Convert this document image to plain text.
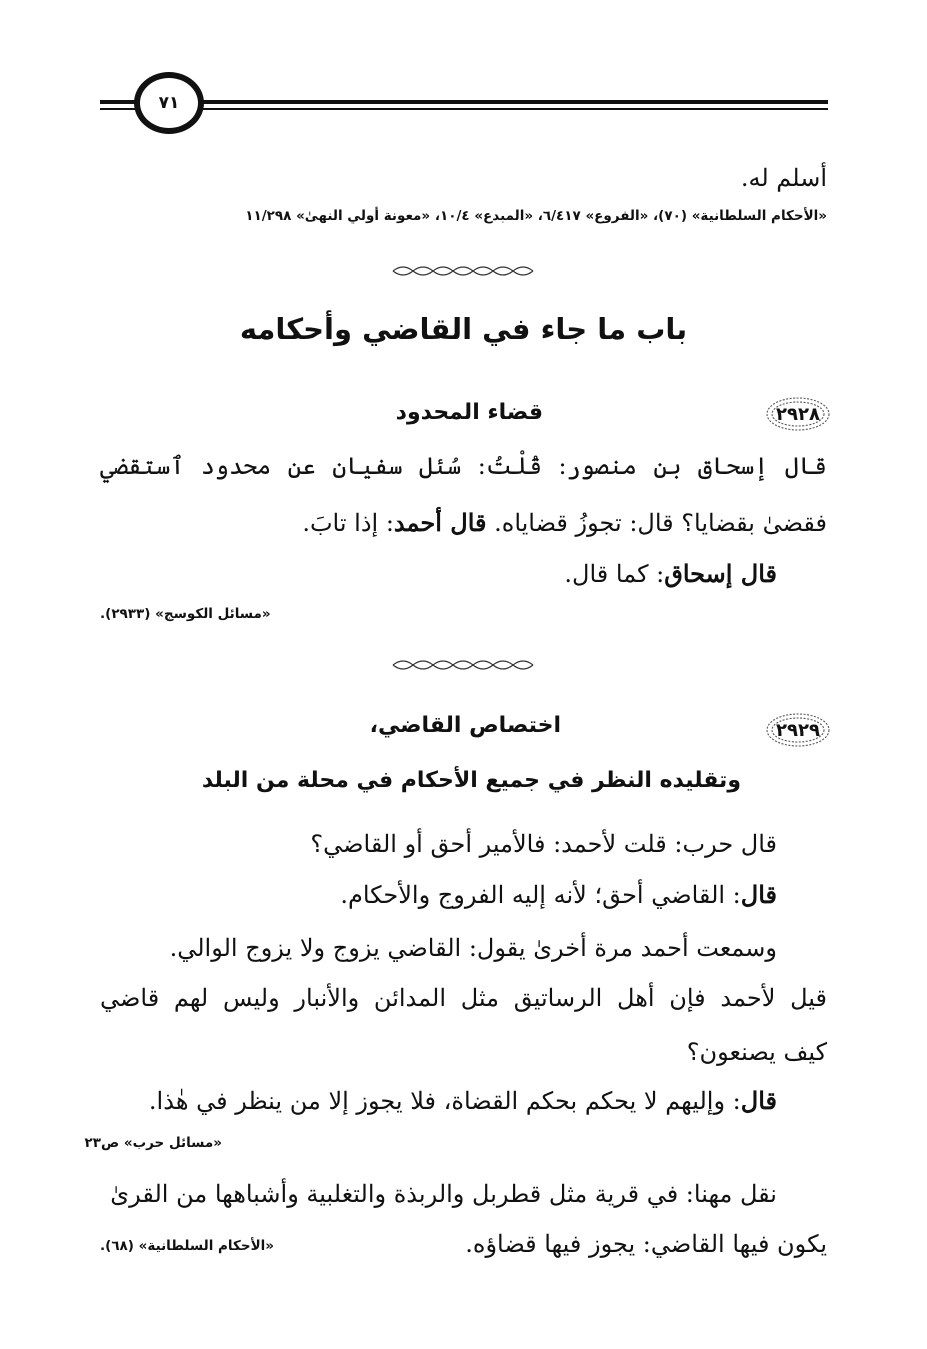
٧١
أسلم له.
«الأحكام السلطانية» (٧٠)، «الفروع» ٦/٤١٧، «المبدع» ١٠/٤، «معونة أولي النهىٰ» ١١/٢٩٨
باب ما جاء في القاضي وأحكامه
٢٩٢٨
قضاء المحدود
قال إسحاق بن منصور: قُلْتُ: سُئل سفيان عن محدود ٱستقضي
فقضىٰ بقضايا؟ قال: تجوزُ قضاياه. قال أحمد: إذا تابَ.
قال إسحاق: كما قال.
«مسائل الكوسج» (٢٩٣٣).
٢٩٢٩
اختصاص القاضي،
وتقليده النظر في جميع الأحكام في محلة من البلد
قال حرب: قلت لأحمد: فالأمير أحق أو القاضي؟
قال: القاضي أحق؛ لأنه إليه الفروج والأحكام.
وسمعت أحمد مرة أخرىٰ يقول: القاضي يزوج ولا يزوج الوالي.
قيل لأحمد فإن أهل الرساتيق مثل المدائن والأنبار وليس لهم قاضي
كيف يصنعون؟
قال: وإليهم لا يحكم بحكم القضاة، فلا يجوز إلا من ينظر في هٰذا.
«مسائل حرب» ص٢٣
نقل مهنا: في قرية مثل قطربل والربذة والتغلبية وأشباهها من القرىٰ
يكون فيها القاضي: يجوز فيها قضاؤه.
«الأحكام السلطانية» (٦٨).
